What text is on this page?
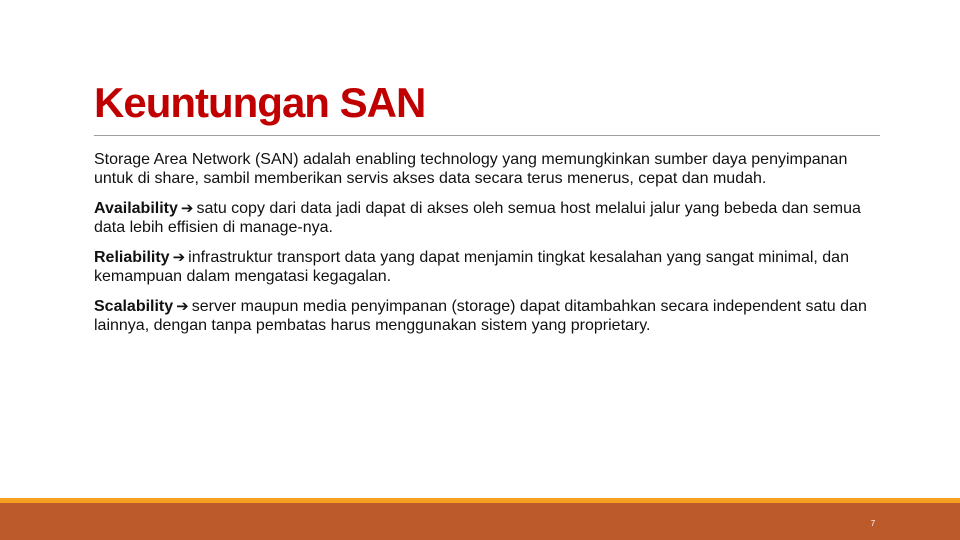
Keuntungan SAN

Storage Area Network (SAN) adalah enabling technology yang memungkinkan sumber daya penyimpanan untuk di share, sambil memberikan servis akses data secara terus menerus, cepat dan mudah.

Availability ➔ satu copy dari data jadi dapat di akses oleh semua host melalui jalur yang bebeda dan semua data lebih effisien di manage-nya.

Reliability ➔ infrastruktur transport data yang dapat menjamin tingkat kesalahan yang sangat minimal, dan kemampuan dalam mengatasi kegagalan.

Scalability ➔ server maupun media penyimpanan (storage) dapat ditambahkan secara independent satu dan lainnya, dengan tanpa pembatas harus menggunakan sistem yang proprietary.

7
